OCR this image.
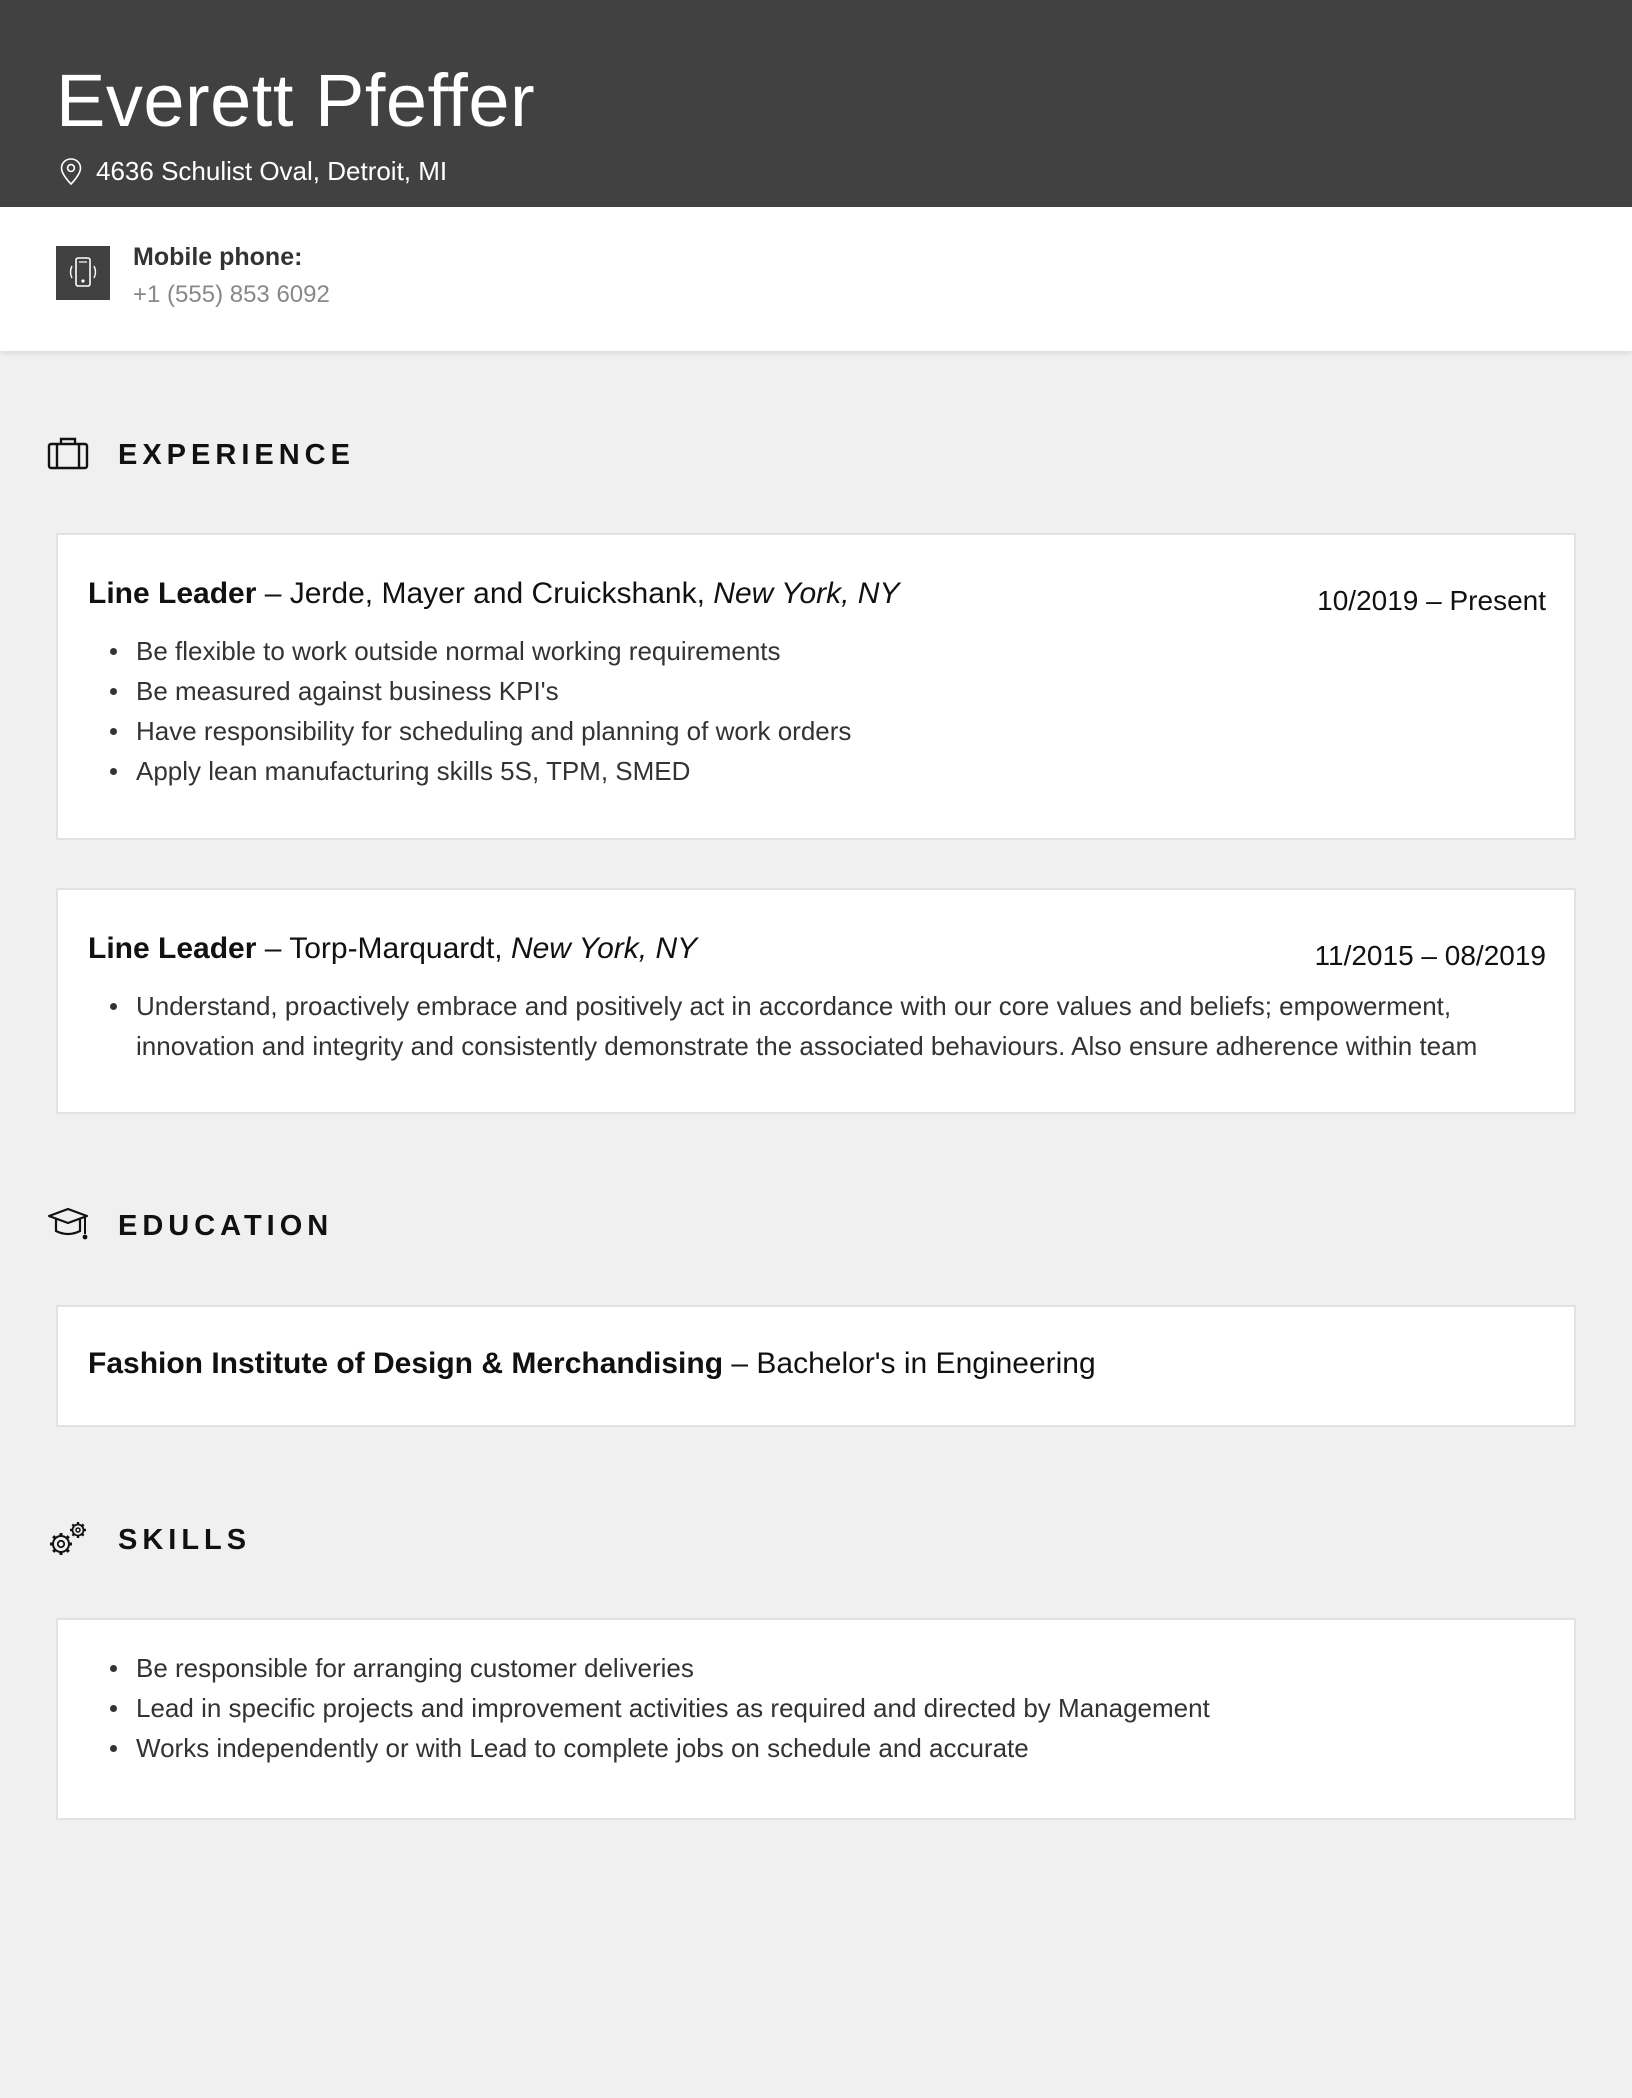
Everett Pfeffer
4636 Schulist Oval, Detroit, MI
Mobile phone:
+1 (555) 853 6092
EXPERIENCE
Line Leader – Jerde, Mayer and Cruickshank, New York, NY	10/2019 – Present
Be flexible to work outside normal working requirements
Be measured against business KPI's
Have responsibility for scheduling and planning of work orders
Apply lean manufacturing skills 5S, TPM, SMED
Line Leader – Torp-Marquardt, New York, NY	11/2015 – 08/2019
Understand, proactively embrace and positively act in accordance with our core values and beliefs; empowerment, innovation and integrity and consistently demonstrate the associated behaviours. Also ensure adherence within team
EDUCATION
Fashion Institute of Design & Merchandising – Bachelor's in Engineering
SKILLS
Be responsible for arranging customer deliveries
Lead in specific projects and improvement activities as required and directed by Management
Works independently or with Lead to complete jobs on schedule and accurate
